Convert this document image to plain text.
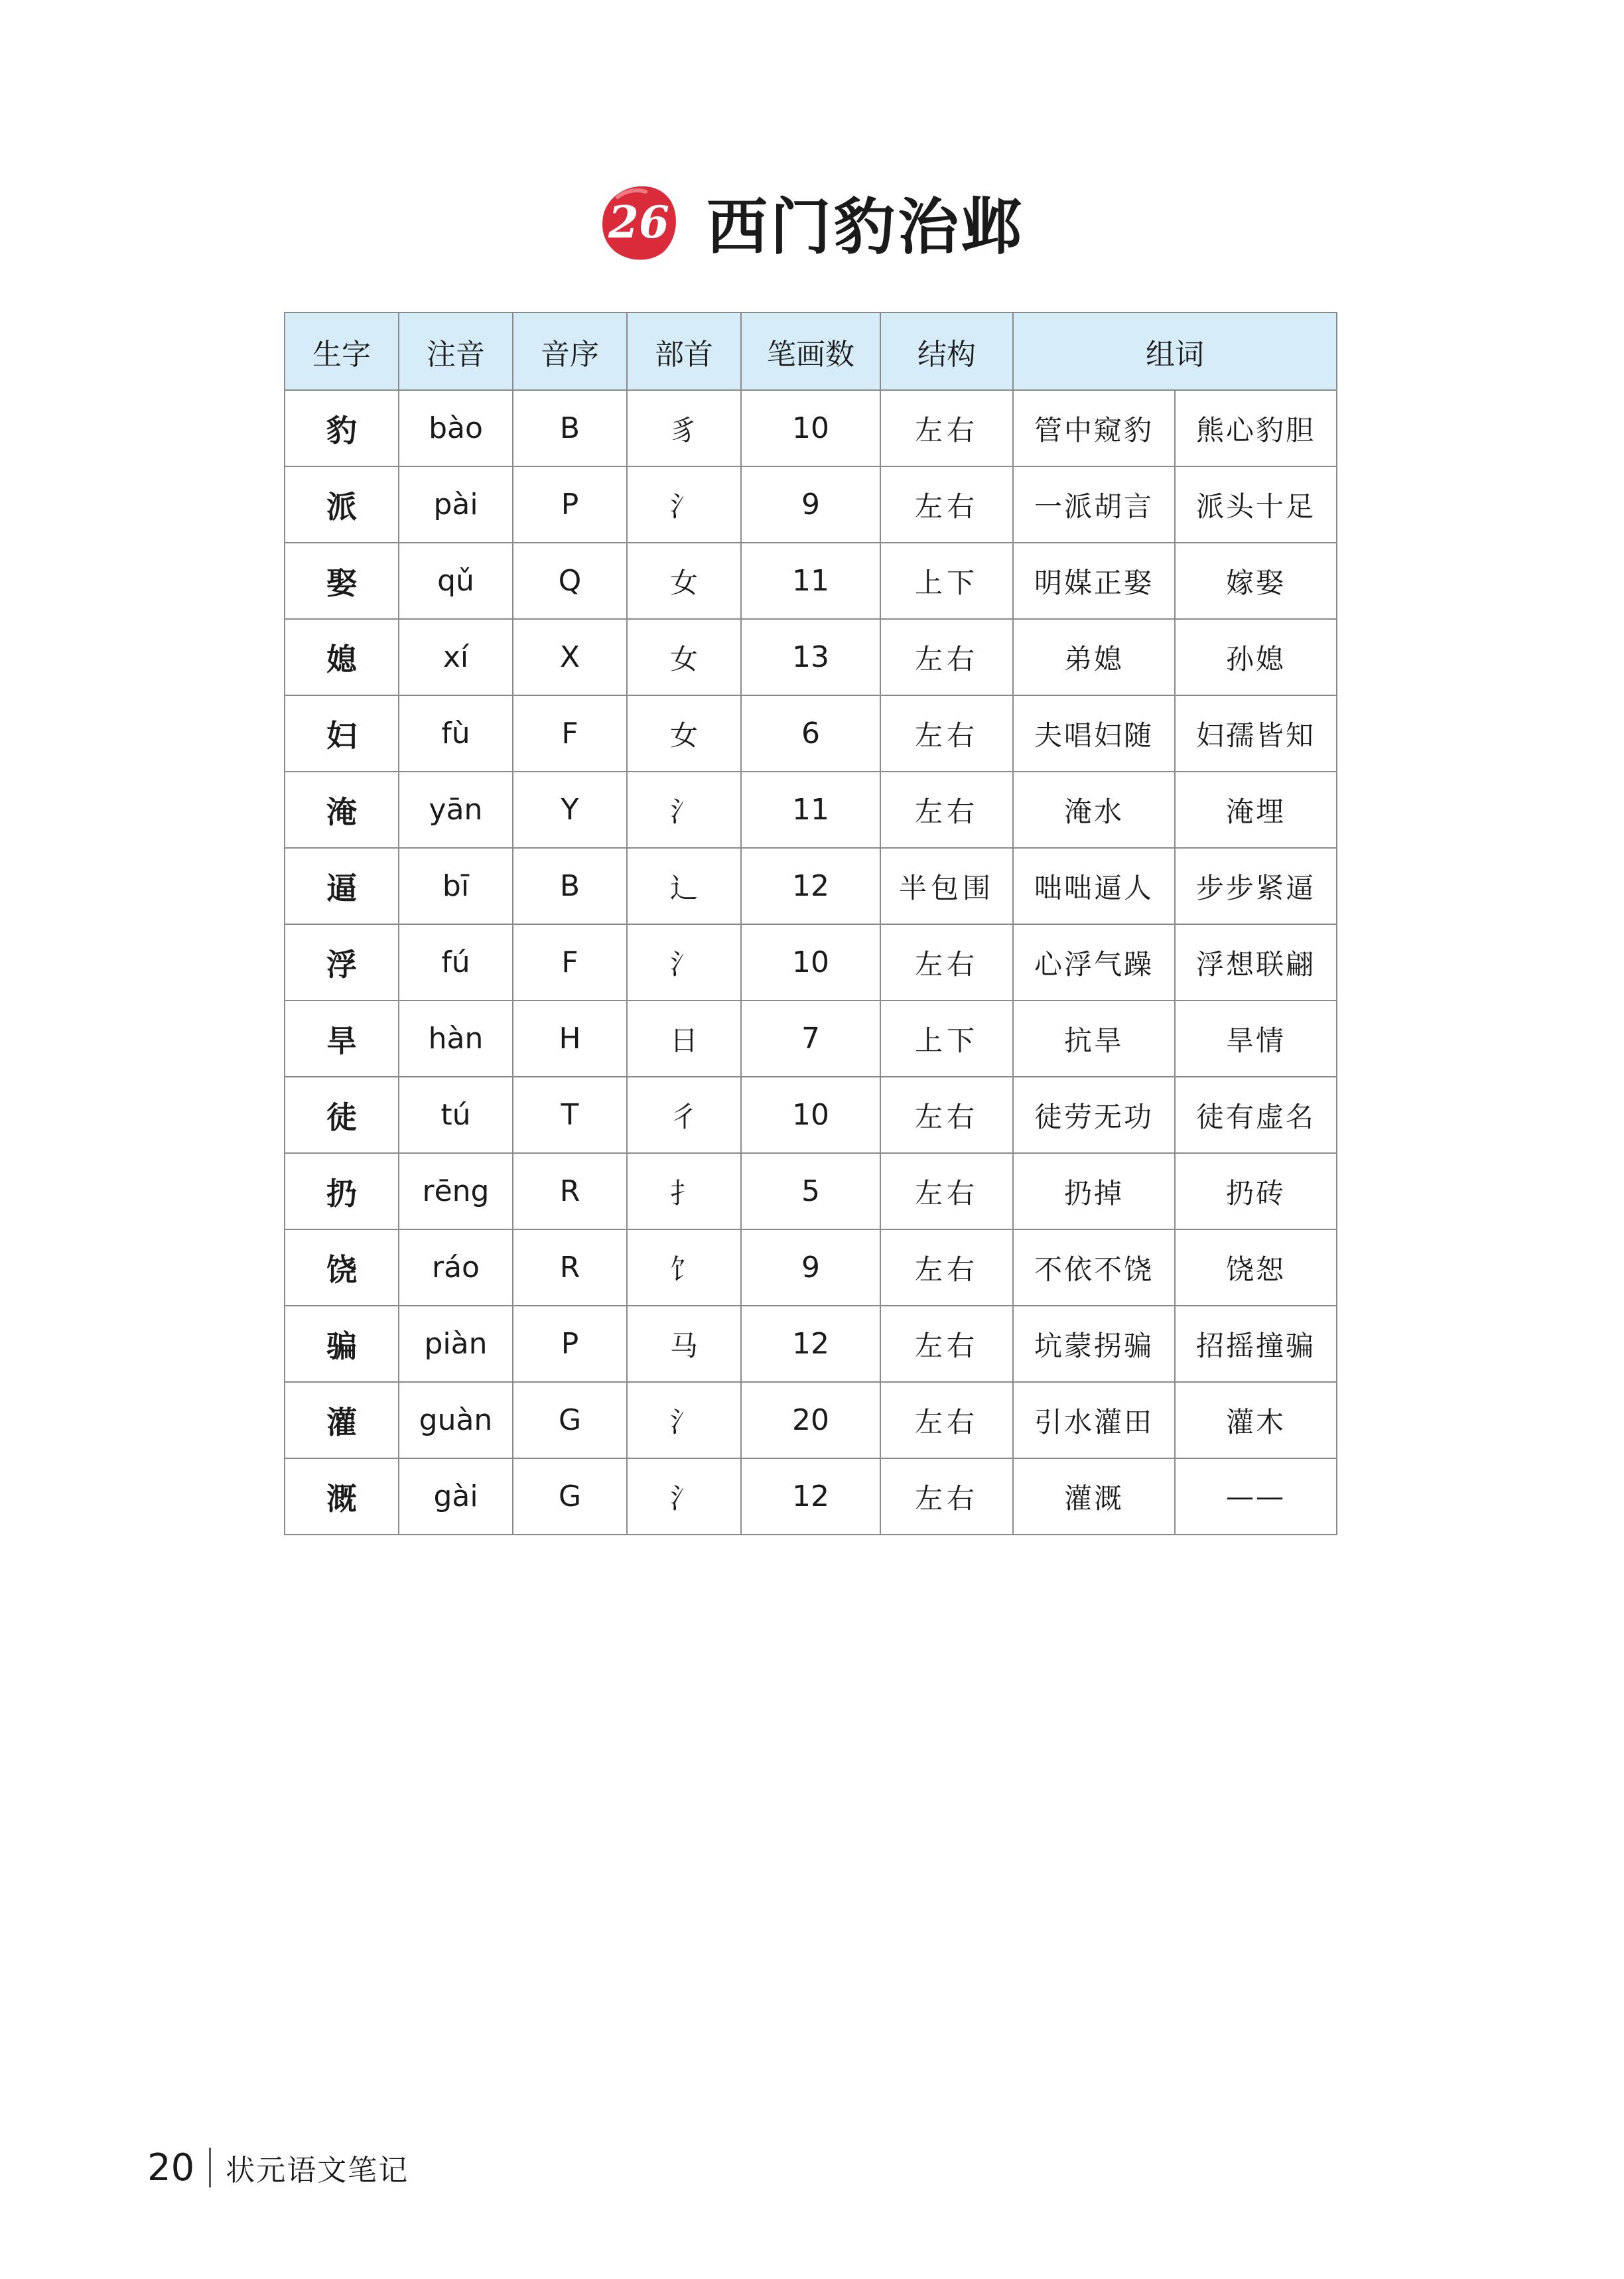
26 西门豹治邺
生字	注音	音序	部首	笔画数	结构	组词	
豹	bào	B	豸	10	左右	管中窥豹	熊心豹胆
派	pài	P	氵	9	左右	一派胡言	派头十足
娶	qǔ	Q	女	11	上下	明媒正娶	嫁娶
媳	xí	X	女	13	左右	弟媳	孙媳
妇	fù	F	女	6	左右	夫唱妇随	妇孺皆知
淹	yān	Y	氵	11	左右	淹水	淹埋
逼	bī	B	辶	12	半包围	咄咄逼人	步步紧逼
浮	fú	F	氵	10	左右	心浮气躁	浮想联翩
旱	hàn	H	日	7	上下	抗旱	旱情
徒	tú	T	彳	10	左右	徒劳无功	徒有虚名
扔	rēng	R	扌	5	左右	扔掉	扔砖
饶	ráo	R	饣	9	左右	不依不饶	饶恕
骗	piàn	P	马	12	左右	坑蒙拐骗	招摇撞骗
灌	guàn	G	氵	20	左右	引水灌田	灌木
溉	gài	G	氵	12	左右	灌溉	——
20 状元语文笔记
